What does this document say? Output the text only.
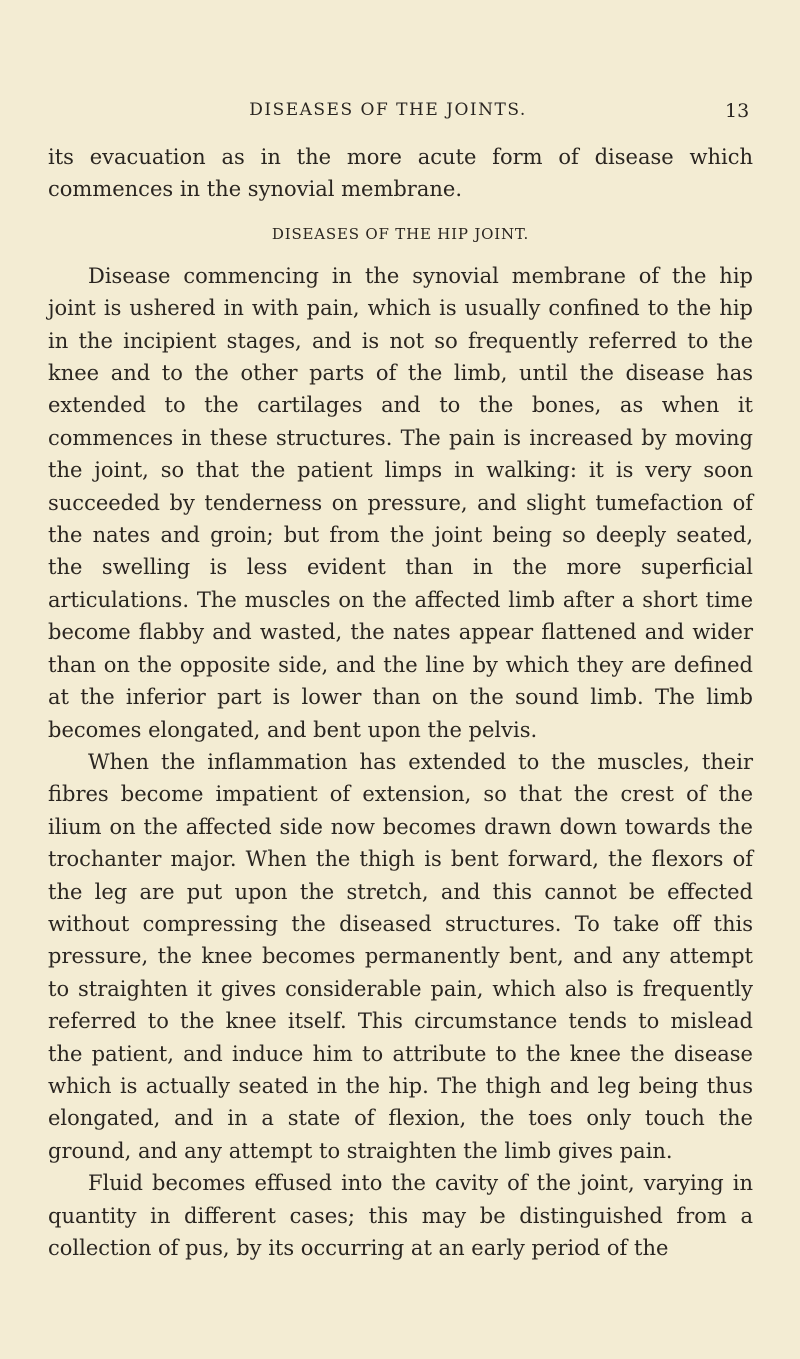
DISEASES OF THE JOINTS.	13

its evacuation as in the more acute form of disease which commences in the synovial membrane.

DISEASES OF THE HIP JOINT.

Disease commencing in the synovial membrane of the hip joint is ushered in with pain, which is usually confined to the hip in the incipient stages, and is not so frequently referred to the knee and to the other parts of the limb, until the disease has extended to the cartilages and to the bones, as when it commences in these structures. The pain is increased by moving the joint, so that the patient limps in walking: it is very soon succeeded by tenderness on pressure, and slight tumefaction of the nates and groin; but from the joint being so deeply seated, the swelling is less evident than in the more superficial articulations. The muscles on the affected limb after a short time become flabby and wasted, the nates appear flattened and wider than on the opposite side, and the line by which they are defined at the inferior part is lower than on the sound limb. The limb becomes elongated, and bent upon the pelvis.

When the inflammation has extended to the muscles, their fibres become impatient of extension, so that the crest of the ilium on the affected side now becomes drawn down towards the trochanter major. When the thigh is bent forward, the flexors of the leg are put upon the stretch, and this cannot be effected without compressing the diseased structures. To take off this pressure, the knee becomes permanently bent, and any attempt to straighten it gives considerable pain, which also is frequently referred to the knee itself. This circumstance tends to mislead the patient, and induce him to attribute to the knee the disease which is actually seated in the hip. The thigh and leg being thus elongated, and in a state of flexion, the toes only touch the ground, and any attempt to straighten the limb gives pain.

Fluid becomes effused into the cavity of the joint, varying in quantity in different cases; this may be distinguished from a collection of pus, by its occurring at an early period of the
